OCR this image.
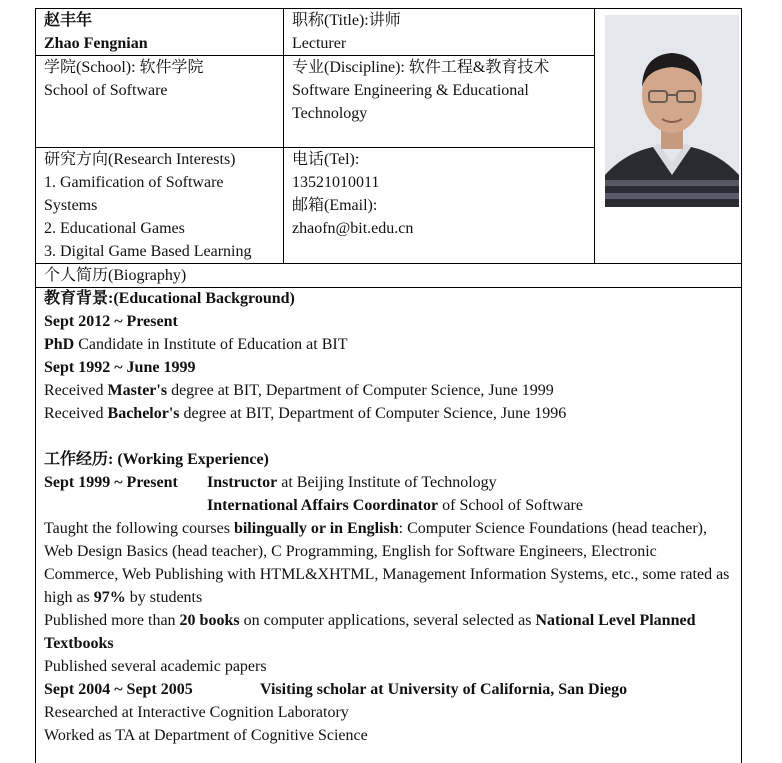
赵丰年
Zhao Fengnian
职称(Title):讲师
Lecturer
学院(School): 软件学院
School of Software
专业(Discipline): 软件工程&教育技术
Software Engineering & Educational
Technology
研究方向(Research Interests)
1. Gamification of Software
Systems
2. Educational Games
3. Digital Game Based Learning
电话(Tel):
13521010011
邮箱(Email):
zhaofn@bit.edu.cn
个人简历(Biography)
教育背景:(Educational Background)
Sept 2012 ~ Present
PhD Candidate in Institute of Education at BIT
Sept 1992 ~ June 1999
Received Master's degree at BIT, Department of Computer Science, June 1999
Received Bachelor's degree at BIT, Department of Computer Science, June 1996
工作经历: (Working Experience)
Sept 1999 ~ Present Instructor at Beijing Institute of Technology
International Affairs Coordinator of School of Software
Taught the following courses bilingually or in English: Computer Science Foundations (head teacher), Web Design Basics (head teacher), C Programming, English for Software Engineers, Electronic Commerce, Web Publishing with HTML&XHTML, Management Information Systems, etc., some rated as high as 97% by students
Published more than 20 books on computer applications, several selected as National Level Planned Textbooks
Published several academic papers
Sept 2004 ~ Sept 2005	Visiting scholar at University of California, San Diego
Researched at Interactive Cognition Laboratory
Worked as TA at Department of Cognitive Science
